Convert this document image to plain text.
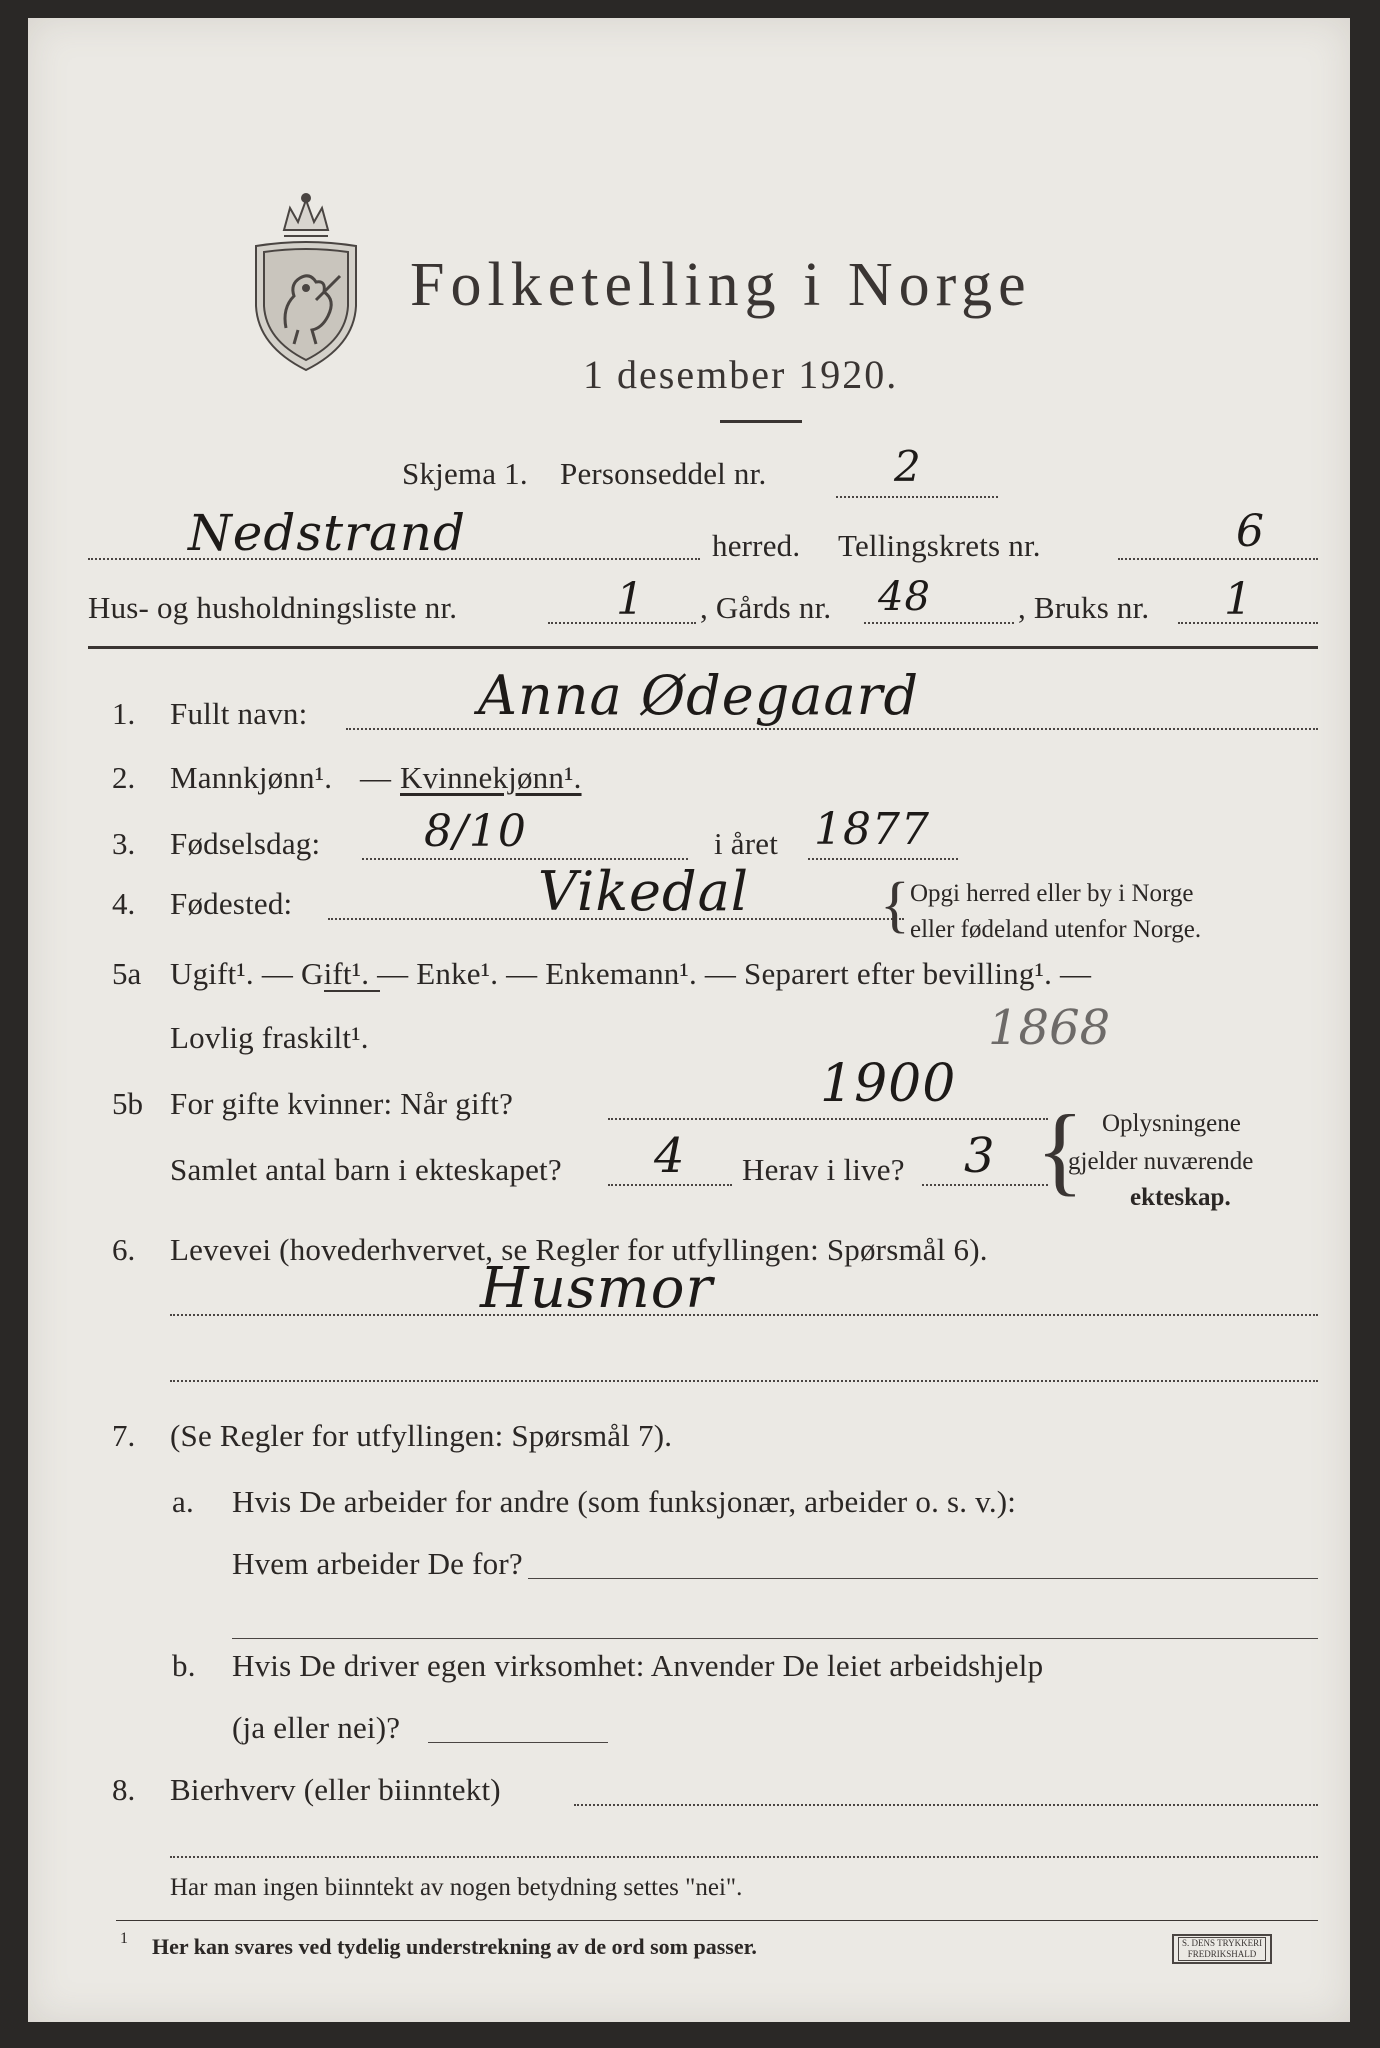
Folketelling i Norge
1 desember 1920.
Skjema 1. Personseddel nr.	2
Nedstrand	herred. Tellingskrets nr.	6
Hus- og husholdningsliste nr.	1 , Gårds nr. 48	, Bruks nr. 1
1. Fullt navn:	Anna Ødegaard
2. Mannkjønn¹. — Kvinnekjønn¹.
3. Fødselsdag: 8/10	i året 1877
4. Fødested:	Vikedal { Opgi herred eller by i Norge
eller fødeland utenfor Norge.
5a Ugift¹. — Gift¹. — Enke¹. — Enkemann¹. — Separert efter bevilling¹. —
Lovlig fraskilt¹.	1868
5b For gifte kvinner: Når gift?	1900
Samlet antal barn i ekteskapet? 4 Herav i live? 3 { Oplysningene
gjelder nuværende
ekteskap.
6. Levevei (hovederhvervet, se Regler for utfyllingen: Spørsmål 6).
Husmor
7. (Se Regler for utfyllingen: Spørsmål 7).
a. Hvis De arbeider for andre (som funksjonær, arbeider o. s. v.):
Hvem arbeider De for?
b. Hvis De driver egen virksomhet: Anvender De leiet arbeidshjelp
(ja eller nei)?
8. Bierhverv (eller biinntekt)
Har man ingen biinntekt av nogen betydning settes "nei".
1 Her kan svares ved tydelig understrekning av de ord som passer.	S. DENS TRYKKERI
FREDRIKSHALD
